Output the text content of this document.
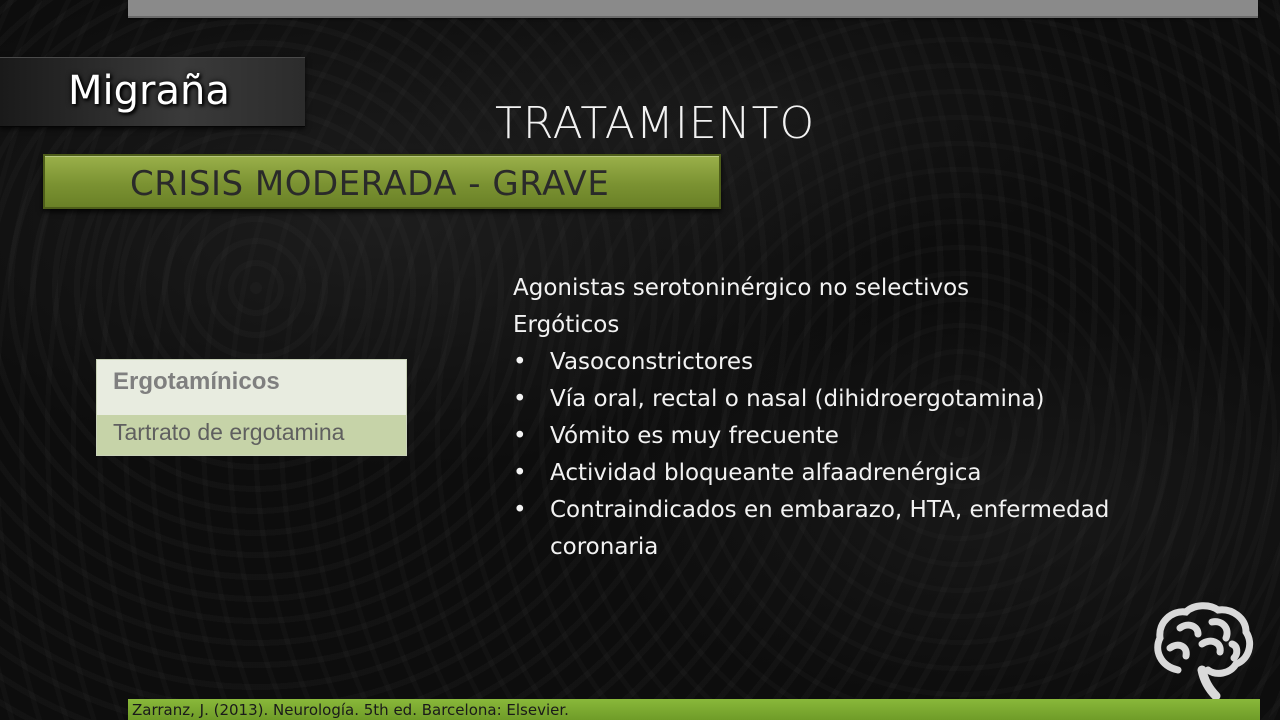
Migraña
TRATAMIENTO
CRISIS MODERADA - GRAVE
Ergotamínicos
Tartrato de ergotamina

Agonistas serotoninérgico no selectivos

Ergóticos

• Vasoconstrictores
• Vía oral, rectal o nasal (dihidroergotamina)
• Vómito es muy frecuente
• Actividad bloqueante alfaadrenérgica
• Contraindicados en embarazo, HTA, enfermedad coronaria
Zarranz, J. (2013). Neurología. 5th ed. Barcelona: Elsevier.
